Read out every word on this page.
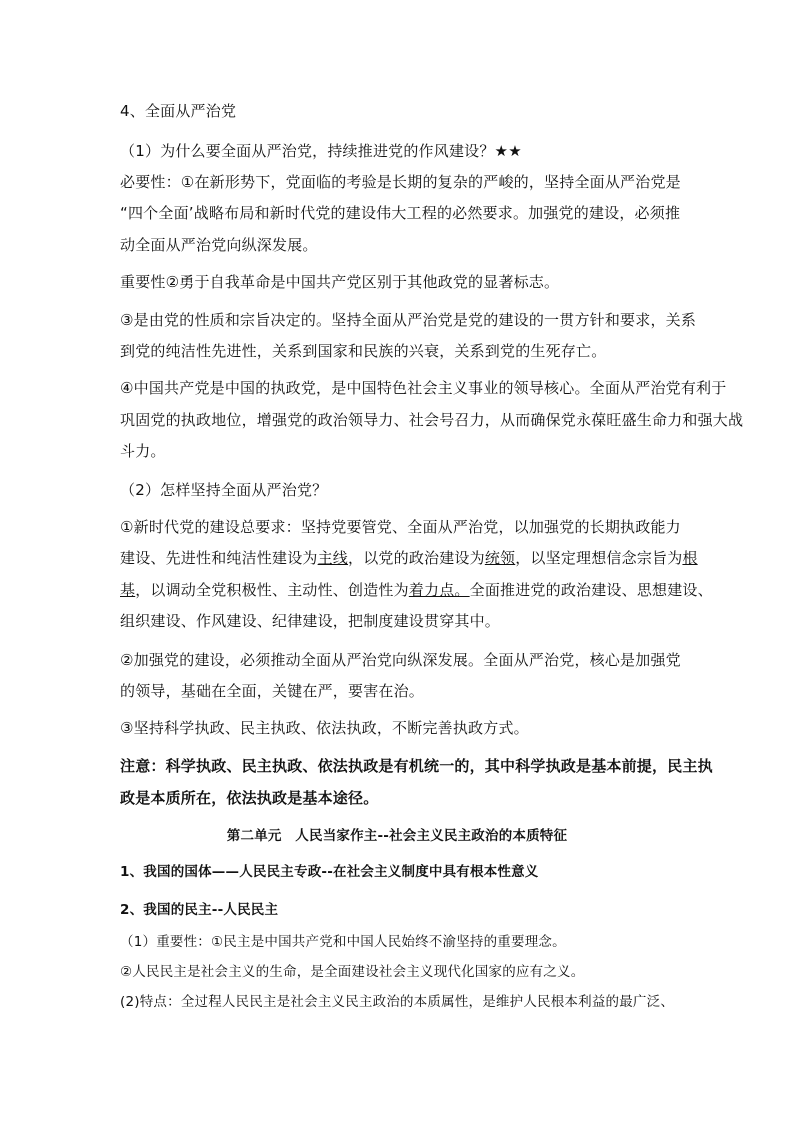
4、全面从严治党
（1）为什么要全面从严治党，持续推进党的作风建设？★★
必要性：①在新形势下，党面临的考验是长期的复杂的严峻的，坚持全面从严治党是
“四个全面’战略布局和新时代党的建设伟大工程的必然要求。加强党的建设，必须推
动全面从严治党向纵深发展。
重要性②勇于自我革命是中国共产党区别于其他政党的显著标志。
③是由党的性质和宗旨决定的。坚持全面从严治党是党的建设的一贯方针和要求，关系
到党的纯洁性先进性，关系到国家和民族的兴衰，关系到党的生死存亡。
④中国共产党是中国的执政党，是中国特色社会主义事业的领导核心。全面从严治党有利于
巩固党的执政地位，增强党的政治领导力、社会号召力，从而确保党永葆旺盛生命力和强大战
斗力。
（2）怎样坚持全面从严治党？
①新时代党的建设总要求：坚持党要管党、全面从严治党，以加强党的长期执政能力
建设、先进性和纯洁性建设为主线，以党的政治建设为统领，以坚定理想信念宗旨为根
基，以调动全党积极性、主动性、创造性为着力点。全面推进党的政治建设、思想建设、
组织建设、作风建设、纪律建设，把制度建设贯穿其中。
②加强党的建设，必须推动全面从严治党向纵深发展。全面从严治党，核心是加强党
的领导，基础在全面，关键在严，要害在治。
③坚持科学执政、民主执政、依法执政，不断完善执政方式。
注意：科学执政、民主执政、依法执政是有机统一的，其中科学执政是基本前提，民主执
政是本质所在，依法执政是基本途径。
第二单元　人民当家作主--社会主义民主政治的本质特征
1、我国的国体——人民民主专政--在社会主义制度中具有根本性意义
2、我国的民主--人民民主
（1）重要性：①民主是中国共产党和中国人民始终不渝坚持的重要理念。
②人民民主是社会主义的生命，是全面建设社会主义现代化国家的应有之义。
(2)特点：全过程人民民主是社会主义民主政治的本质属性，是维护人民根本利益的最广泛、
